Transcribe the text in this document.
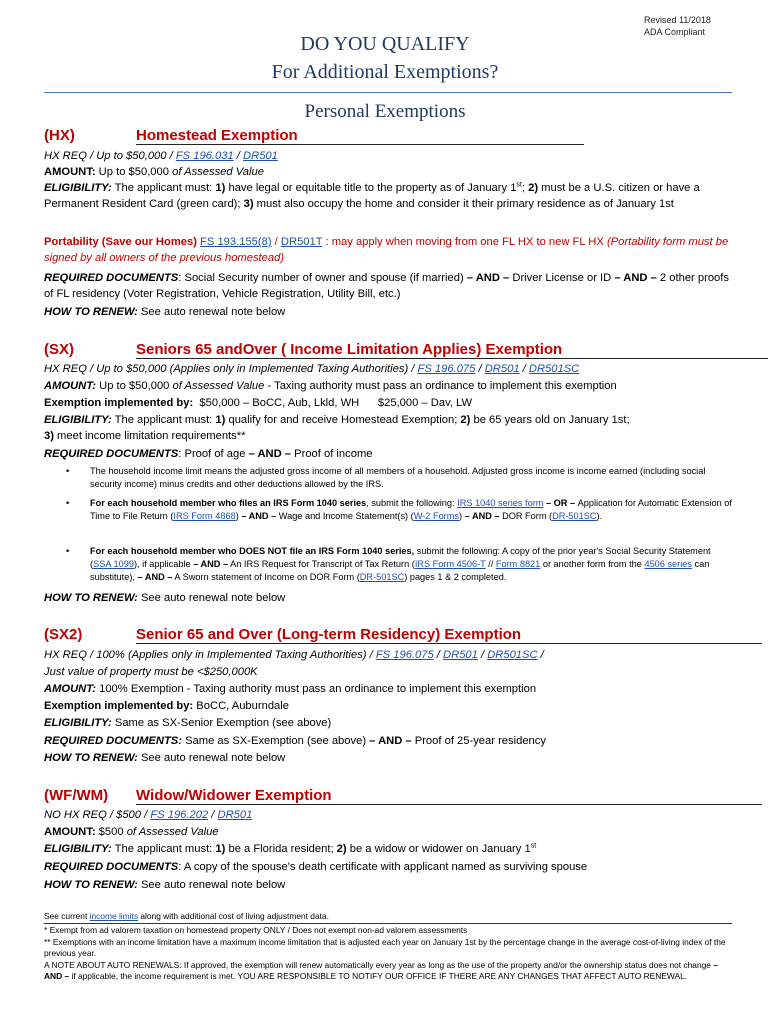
Revised 11/2018
ADA Compliant
DO YOU QUALIFY
For Additional Exemptions?
Personal Exemptions
(HX)	Homestead Exemption
HX REQ / Up to $50,000 / FS 196.031 / DR501
AMOUNT: Up to $50,000 of Assessed Value
ELIGIBILITY: The applicant must: 1) have legal or equitable title to the property as of January 1st; 2) must be a U.S. citizen or have a Permanent Resident Card (green card); 3) must also occupy the home and consider it their primary residence as of January 1st
Portability (Save our Homes) FS 193.155(8) / DR501T : may apply when moving from one FL HX to new FL HX (Portability form must be signed by all owners of the previous homestead)
REQUIRED DOCUMENTS: Social Security number of owner and spouse (if married) – AND – Driver License or ID – AND – 2 other proofs of FL residency (Voter Registration, Vehicle Registration, Utility Bill, etc.)
HOW TO RENEW: See auto renewal note below
(SX)	Seniors 65 andOver ( Income Limitation Applies) Exemption
HX REQ / Up to $50,000 (Applies only in Implemented Taxing Authorities) / FS 196.075 / DR501 / DR501SC
AMOUNT: Up to $50,000 of Assessed Value - Taxing authority must pass an ordinance to implement this exemption
Exemption implemented by:  $50,000 – BoCC, Aub, Lkld, WH      $25,000 – Dav, LW
ELIGIBILITY: The applicant must: 1) qualify for and receive Homestead Exemption; 2) be 65 years old on January 1st;
3) meet income limitation requirements**
REQUIRED DOCUMENTS: Proof of age – AND – Proof of income
• The household income limit means the adjusted gross income of all members of a household. Adjusted gross income is income earned (including social security income) minus credits and other deductions allowed by the IRS.
• For each household member who files an IRS Form 1040 series, submit the following: IRS 1040 series form – OR – Application for Automatic Extension of Time to File Return (IRS Form 4868) – AND – Wage and Income Statement(s) (W-2 Forms) – AND – DOR Form (DR-501SC).
• For each household member who DOES NOT file an IRS Form 1040 series, submit the following: A copy of the prior year's Social Security Statement (SSA 1099), if applicable – AND – An IRS Request for Transcript of Tax Return (IRS Form 4506-T // Form 8821 or another form from the 4506 series can substitute), – AND – A Sworn statement of Income on DOR Form (DR-501SC) pages 1 & 2 completed.
HOW TO RENEW: See auto renewal note below
(SX2)	Senior 65 and Over (Long-term Residency) Exemption
HX REQ / 100% (Applies only in Implemented Taxing Authorities) / FS 196.075 / DR501 / DR501SC /
Just value of property must be <$250,000K
AMOUNT: 100% Exemption - Taxing authority must pass an ordinance to implement this exemption
Exemption implemented by: BoCC, Auburndale
ELIGIBILITY: Same as SX-Senior Exemption (see above)
REQUIRED DOCUMENTS: Same as SX-Exemption (see above) – AND – Proof of 25-year residency
HOW TO RENEW: See auto renewal note below
(WF/WM) Widow/Widower Exemption
NO HX REQ / $500 / FS 196.202 / DR501
AMOUNT: $500 of Assessed Value
ELIGIBILITY: The applicant must: 1) be a Florida resident; 2) be a widow or widower on January 1st
REQUIRED DOCUMENTS: A copy of the spouse's death certificate with applicant named as surviving spouse
HOW TO RENEW: See auto renewal note below
See current income limits along with additional cost of living adjustment data.
* Exempt from ad valorem taxation on homestead property ONLY / Does not exempt non-ad valorem assessments
** Exemptions with an income limitation have a maximum income limitation that is adjusted each year on January 1st by the percentage change in the average cost-of-living index of the previous year.
A NOTE ABOUT AUTO RENEWALS: If approved, the exemption will renew automatically every year as long as the use of the property and/or the ownership status does not change – AND – if applicable, the income requirement is met. YOU ARE RESPONSIBLE TO NOTIFY OUR OFFICE IF THERE ARE ANY CHANGES THAT AFFECT AUTO RENEWAL.
